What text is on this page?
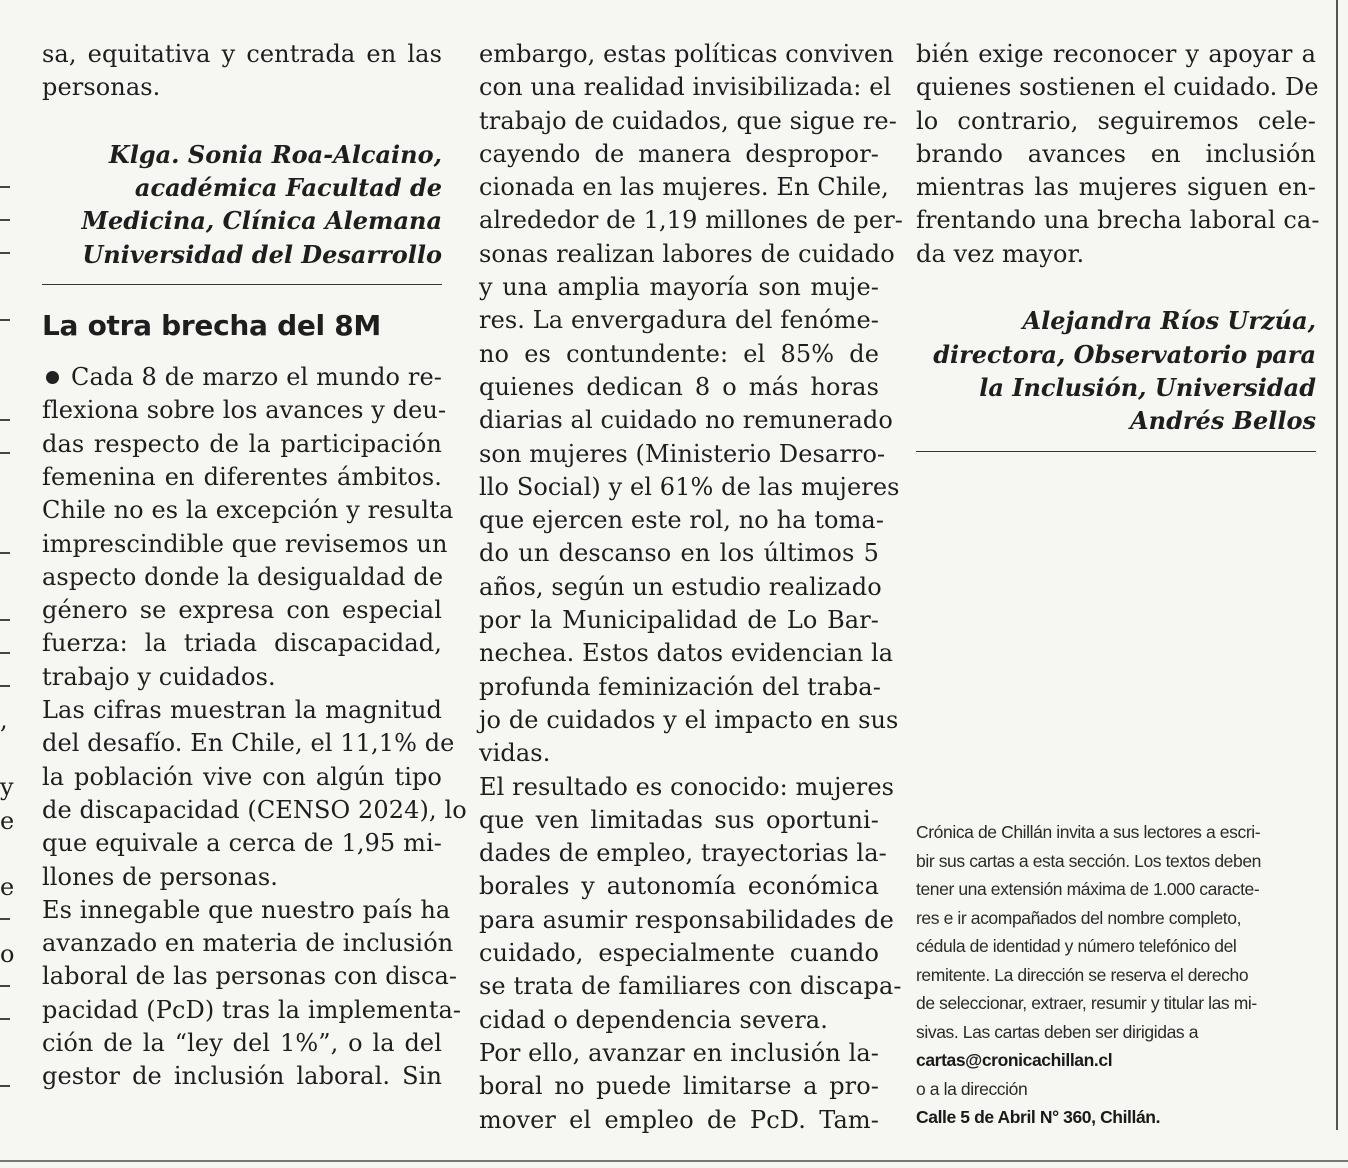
sa, equitativa y centrada en las
personas.
Klga. Sonia Roa-Alcaino,
académica Facultad de
Medicina, Clínica Alemana
Universidad del Desarrollo
La otra brecha del 8M
Cada 8 de marzo el mundo re-
flexiona sobre los avances y deu-
das respecto de la participación
femenina en diferentes ámbitos.
Chile no es la excepción y resulta
imprescindible que revisemos un
aspecto donde la desigualdad de
género se expresa con especial
fuerza: la triada discapacidad,
trabajo y cuidados.
Las cifras muestran la magnitud
del desafío. En Chile, el 11,1% de
la población vive con algún tipo
de discapacidad (CENSO 2024), lo
que equivale a cerca de 1,95 mi-
llones de personas.
Es innegable que nuestro país ha
avanzado en materia de inclusión
laboral de las personas con disca-
pacidad (PcD) tras la implementa-
ción de la “ley del 1%”, o la del
gestor de inclusión laboral. Sin
embargo, estas políticas conviven
con una realidad invisibilizada: el
trabajo de cuidados, que sigue re-
cayendo de manera despropor-
cionada en las mujeres. En Chile,
alrededor de 1,19 millones de per-
sonas realizan labores de cuidado
y una amplia mayoría son muje-
res. La envergadura del fenóme-
no es contundente: el 85% de
quienes dedican 8 o más horas
diarias al cuidado no remunerado
son mujeres (Ministerio Desarro-
llo Social) y el 61% de las mujeres
que ejercen este rol, no ha toma-
do un descanso en los últimos 5
años, según un estudio realizado
por la Municipalidad de Lo Bar-
nechea. Estos datos evidencian la
profunda feminización del traba-
jo de cuidados y el impacto en sus
vidas.
El resultado es conocido: mujeres
que ven limitadas sus oportuni-
dades de empleo, trayectorias la-
borales y autonomía económica
para asumir responsabilidades de
cuidado, especialmente cuando
se trata de familiares con discapa-
cidad o dependencia severa.
Por ello, avanzar en inclusión la-
boral no puede limitarse a pro-
mover el empleo de PcD. Tam-
bién exige reconocer y apoyar a
quienes sostienen el cuidado. De
lo contrario, seguiremos cele-
brando avances en inclusión
mientras las mujeres siguen en-
frentando una brecha laboral ca-
da vez mayor.
Alejandra Ríos Urzúa,
directora, Observatorio para
la Inclusión, Universidad
Andrés Bellos
Crónica de Chillán invita a sus lectores a escri-
bir sus cartas a esta sección. Los textos deben
tener una extensión máxima de 1.000 caracte-
res e ir acompañados del nombre completo,
cédula de identidad y número telefónico del
remitente. La dirección se reserva el derecho
de seleccionar, extraer, resumir y titular las mi-
sivas. Las cartas deben ser dirigidas a
cartas@cronicachillan.cl
o a la dirección
Calle 5 de Abril N° 360, Chillán.
,
y
e
e
o
